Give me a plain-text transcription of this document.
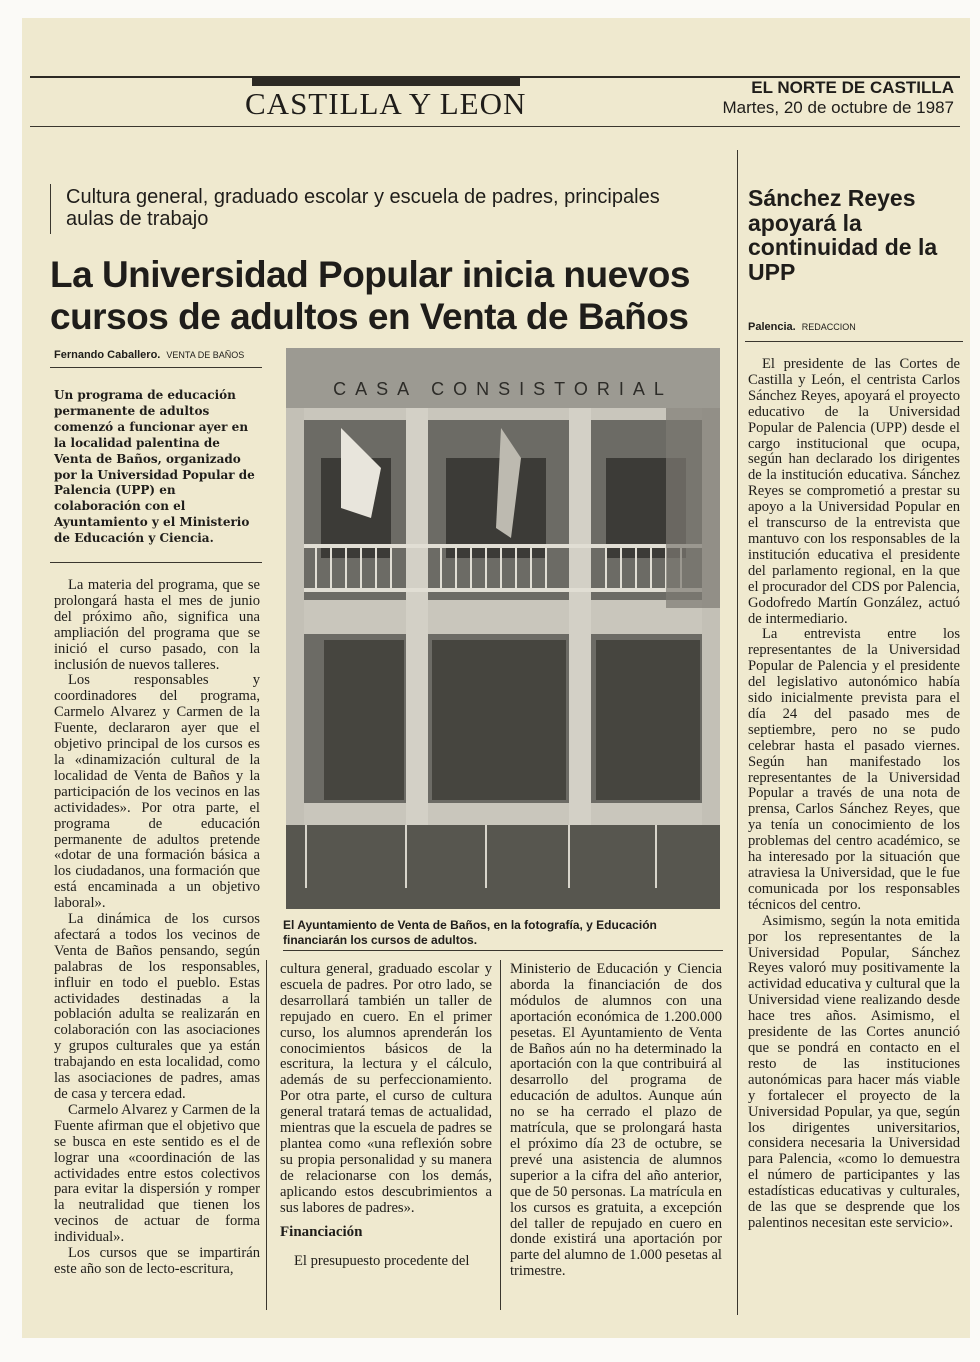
CASTILLA Y LEON	EL NORTE DE CASTILLA
Martes, 20 de octubre de 1987
Cultura general, graduado escolar y escuela de padres, principales aulas de trabajo
La Universidad Popular inicia nuevos cursos de adultos en Venta de Baños
Fernando Caballero. VENTA DE BAÑOS
Un programa de educación permanente de adultos comenzó a funcionar ayer en la localidad palentina de Venta de Baños, organizado por la Universidad Popular de Palencia (UPP) en colaboración con el Ayuntamiento y el Ministerio de Educación y Ciencia.

La materia del programa, que se prolongará hasta el mes de junio del próximo año, significa una ampliación del programa que se inició el curso pasado, con la inclusión de nuevos talleres.

Los responsables y coordinadores del programa, Carmelo Alvarez y Carmen de la Fuente, declararon ayer que el objetivo principal de los cursos es la «dinamización cultural de la localidad de Venta de Baños y la participación de los vecinos en las actividades». Por otra parte, el programa de educación permanente de adultos pretende «dotar de una formación básica a los ciudadanos, una formación que está encaminada a un objetivo laboral».

La dinámica de los cursos afectará a todos los vecinos de Venta de Baños pensando, según palabras de los responsables, influir en todo el pueblo. Estas actividades destinadas a la población adulta se realizarán en colaboración con las asociaciones y grupos culturales que ya están trabajando en esta localidad, como las asociaciones de padres, amas de casa y tercera edad.

Carmelo Alvarez y Carmen de la Fuente afirman que el objetivo que se busca en este sentido es el de lograr una «coordinación de las actividades entre estos colectivos para evitar la dispersión y romper la neutralidad que tienen los vecinos de actuar de forma individual».

Los cursos que se impartirán este año son de lecto-escritura,

CASA CONSISTORIAL
El Ayuntamiento de Venta de Baños, en la fotografía, y Educación financiarán los cursos de adultos.

cultura general, graduado escolar y escuela de padres. Por otro lado, se desarrollará también un taller de repujado en cuero. En el primer curso, los alumnos aprenderán los conocimientos básicos de la escritura, la lectura y el cálculo, además de su perfeccionamiento. Por otra parte, el curso de cultura general tratará temas de actualidad, mientras que la escuela de padres se plantea como «una reflexión sobre su propia personalidad y su manera de relacionarse con los demás, aplicando estos descubrimientos a sus labores de padres».

Financiación

El presupuesto procedente del

Ministerio de Educación y Ciencia aborda la financiación de dos módulos de alumnos con una aportación económica de 1.200.000 pesetas. El Ayuntamiento de Venta de Baños aún no ha determinado la aportación con la que contribuirá al desarrollo del programa de educación de adultos. Aunque aún no se ha cerrado el plazo de matrícula, que se prolongará hasta el próximo día 23 de octubre, se prevé una asistencia de alumnos superior a la cifra del año anterior, que de 50 personas. La matrícula en los cursos es gratuita, a excepción del taller de repujado en cuero en donde existirá una aportación por parte del alumno de 1.000 pesetas al trimestre.

Sánchez Reyes apoyará la continuidad de la UPP
Palencia. REDACCION

El presidente de las Cortes de Castilla y León, el centrista Carlos Sánchez Reyes, apoyará el proyecto educativo de la Universidad Popular de Palencia (UPP) desde el cargo institucional que ocupa, según han declarado los dirigentes de la institución educativa. Sánchez Reyes se comprometió a prestar su apoyo a la Universidad Popular en el transcurso de la entrevista que mantuvo con los responsables de la institución educativa el presidente del parlamento regional, en la que el procurador del CDS por Palencia, Godofredo Martín González, actuó de intermediario.

La entrevista entre los representantes de la Universidad Popular de Palencia y el presidente del legislativo autonómico había sido inicialmente prevista para el día 24 del pasado mes de septiembre, pero no se pudo celebrar hasta el pasado viernes. Según han manifestado los representantes de la Universidad Popular a través de una nota de prensa, Carlos Sánchez Reyes, que ya tenía un conocimiento de los problemas del centro académico, se ha interesado por la situación que atraviesa la Universidad, que le fue comunicada por los responsables técnicos del centro.

Asimismo, según la nota emitida por los representantes de la Universidad Popular, Sánchez Reyes valoró muy positivamente la actividad educativa y cultural que la Universidad viene realizando desde hace tres años. Asimismo, el presidente de las Cortes anunció que se pondrá en contacto en el resto de las instituciones autonómicas para hacer más viable y fortalecer el proyecto de la Universidad Popular, ya que, según los dirigentes universitarios, considera necesaria la Universidad para Palencia, «como lo demuestra el número de participantes y las estadísticas educativas y culturales, de las que se desprende que los palentinos necesitan este servicio».
